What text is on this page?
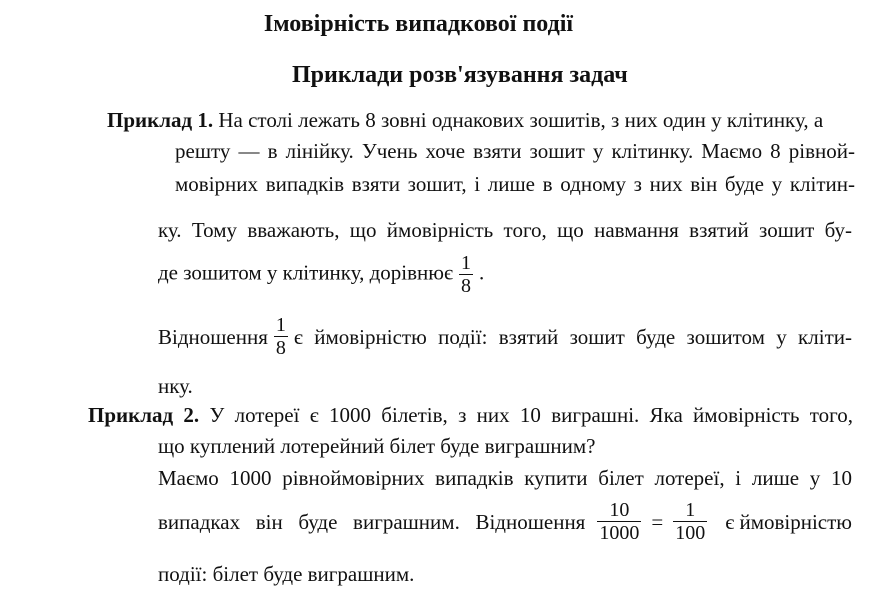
Імовірність випадкової події
Приклади розв'язування задач
Приклад 1. На столі лежать 8 зовні однакових зошитів, з них один у клітинку, а
решту — в лінійку. Учень хоче взяти зошит у клітинку. Маємо 8 рівной-
мовірних випадків взяти зошит, і лише в одному з них він буде у клітин-
ку. Тому вважають, що ймовірність того, що навмання взятий зошит бу-
де зошитом у клітинку, дорівнює $\frac{1}{8}$ .
Відношення $\frac{1}{8}$ є ймовірністю події: взятий зошит буде зошитом у кліти-
нку.
Приклад 2. У лотереї є 1000 білетів, з них 10 виграшні. Яка ймовірність того,
що куплений лотерейний білет буде виграшним?
Маємо 1000 рівноймовірних випадків купити білет лотереї, і лише у 10
випадках він буде виграшним. Відношення $\frac{10}{1000} = \frac{1}{100}$ є ймовірністю
події: білет буде виграшним.
